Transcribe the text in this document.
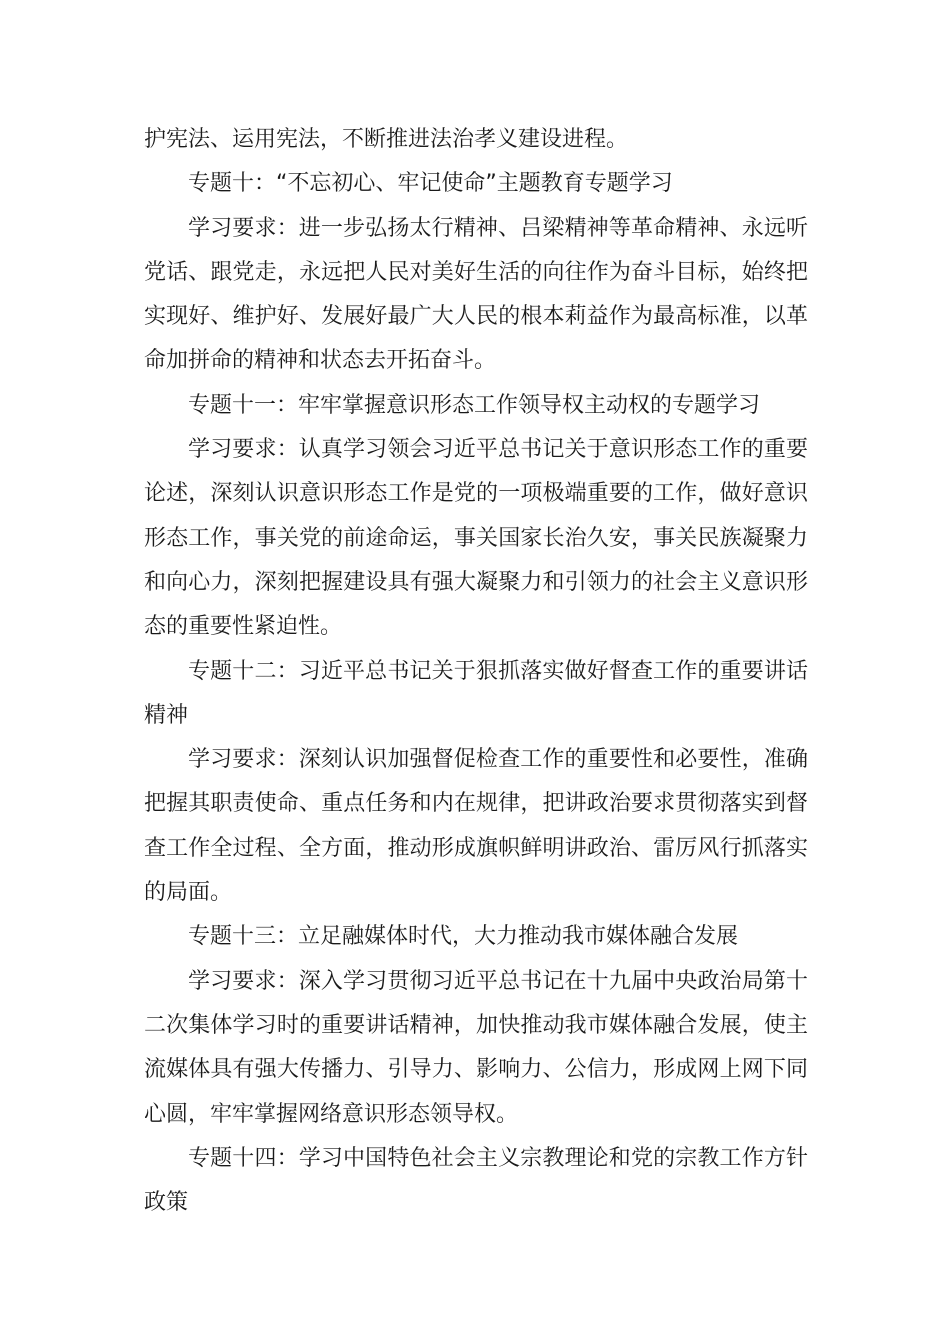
护宪法、运用宪法，不断推进法治孝义建设进程。

专题十：“不忘初心、牢记使命”主题教育专题学习

学习要求：进一步弘扬太行精神、吕梁精神等革命精神、永远听党话、跟党走，永远把人民对美好生活的向往作为奋斗目标，始终把实现好、维护好、发展好最广大人民的根本莉益作为最高标准，以革命加拼命的精神和状态去开拓奋斗。

专题十一：牢牢掌握意识形态工作领导权主动权的专题学习

学习要求：认真学习领会习近平总书记关于意识形态工作的重要论述，深刻认识意识形态工作是党的一项极端重要的工作，做好意识形态工作，事关党的前途命运，事关国家长治久安，事关民族凝聚力和向心力，深刻把握建设具有强大凝聚力和引领力的社会主义意识形态的重要性紧迫性。

专题十二：习近平总书记关于狠抓落实做好督查工作的重要讲话精神

学习要求：深刻认识加强督促检查工作的重要性和必要性，准确把握其职责使命、重点任务和内在规律，把讲政治要求贯彻落实到督查工作全过程、全方面，推动形成旗帜鲜明讲政治、雷厉风行抓落实的局面。

专题十三：立足融媒体时代，大力推动我市媒体融合发展

学习要求：深入学习贯彻习近平总书记在十九届中央政治局第十二次集体学习时的重要讲话精神，加快推动我市媒体融合发展，使主流媒体具有强大传播力、引导力、影响力、公信力，形成网上网下同心圆，牢牢掌握网络意识形态领导权。

专题十四：学习中国特色社会主义宗教理论和党的宗教工作方针政策
